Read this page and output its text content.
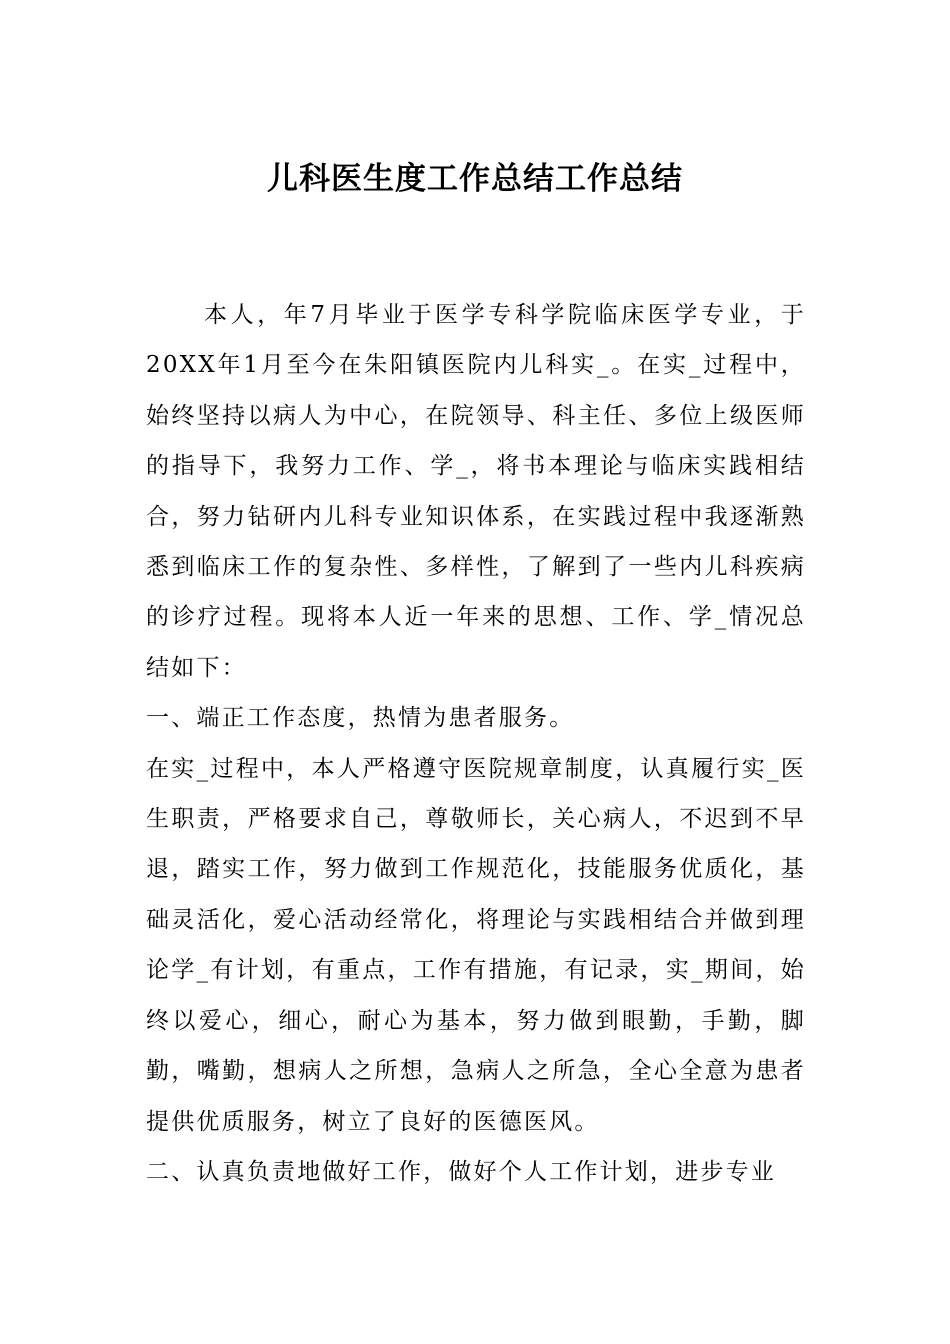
儿科医生度工作总结工作总结

本人，年7月毕业于医学专科学院临床医学专业，于20XX年1月至今在朱阳镇医院内儿科实_。在实_过程中，始终坚持以病人为中心，在院领导、科主任、多位上级医师的指导下，我努力工作、学_，将书本理论与临床实践相结合，努力钻研内儿科专业知识体系，在实践过程中我逐渐熟悉到临床工作的复杂性、多样性，了解到了一些内儿科疾病的诊疗过程。现将本人近一年来的思想、工作、学_情况总结如下：

一、端正工作态度，热情为患者服务。

在实_过程中，本人严格遵守医院规章制度，认真履行实_医生职责，严格要求自己，尊敬师长，关心病人，不迟到不早退，踏实工作，努力做到工作规范化，技能服务优质化，基础灵活化，爱心活动经常化，将理论与实践相结合并做到理论学_有计划，有重点，工作有措施，有记录，实_期间，始终以爱心，细心，耐心为基本，努力做到眼勤，手勤，脚勤，嘴勤，想病人之所想，急病人之所急，全心全意为患者提供优质服务，树立了良好的医德医风。

二、认真负责地做好工作，做好个人工作计划，进步专业
